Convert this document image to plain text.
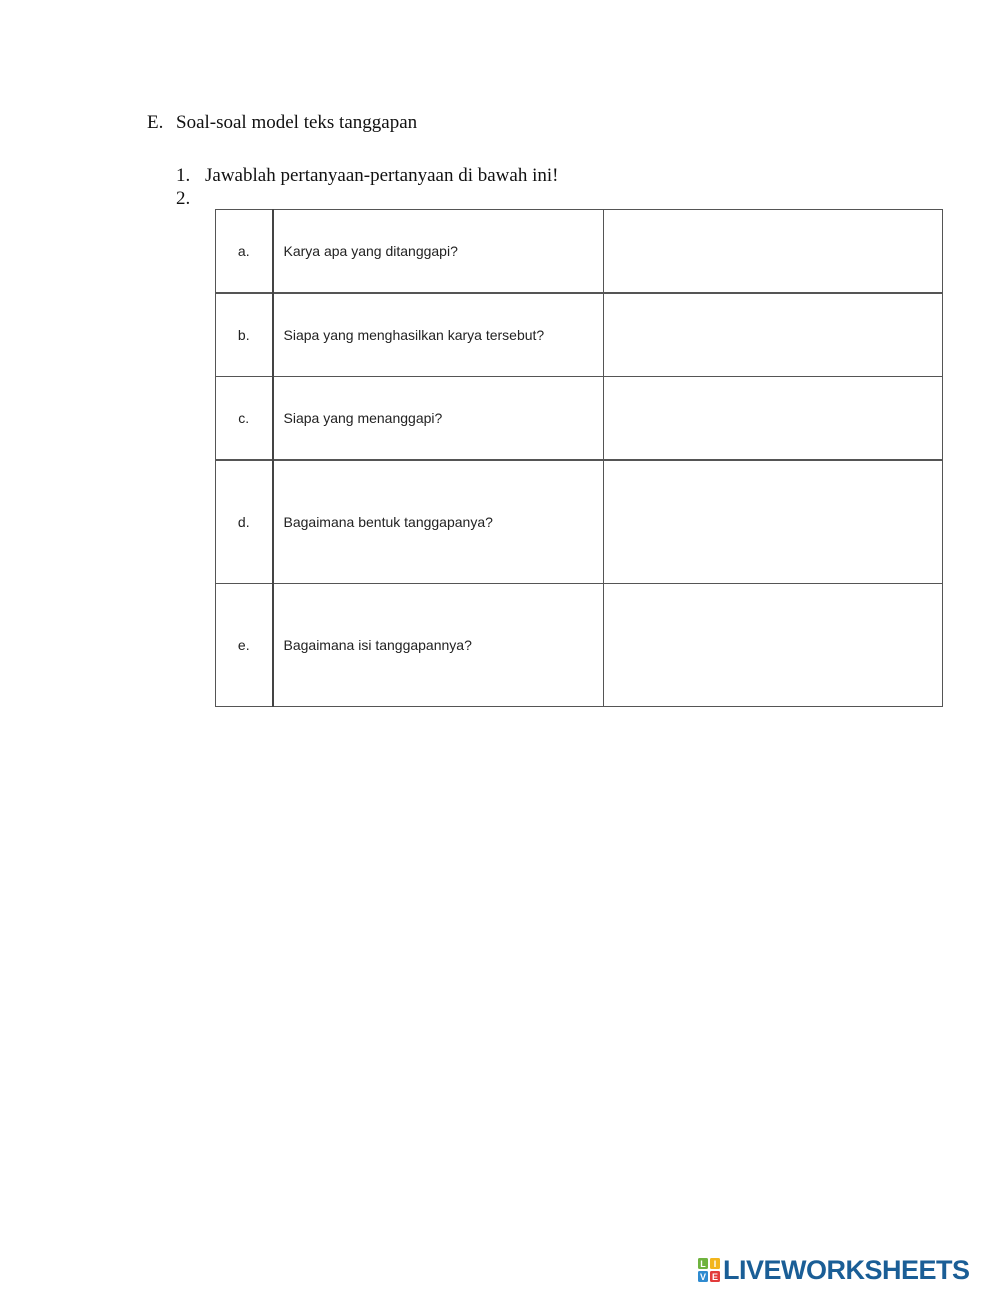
E. Soal-soal model teks tanggapan
1. Jawablah pertanyaan-pertanyaan di bawah ini!
2.
a.	Karya apa yang ditanggapi?	
b.	Siapa yang menghasilkan karya tersebut?	
c.	Siapa yang menanggapi?	
d.	Bagaimana bentuk tanggapanya?	
e.	Bagaimana isi tanggapannya?	
L I
V E LIVEWORKSHEETS
